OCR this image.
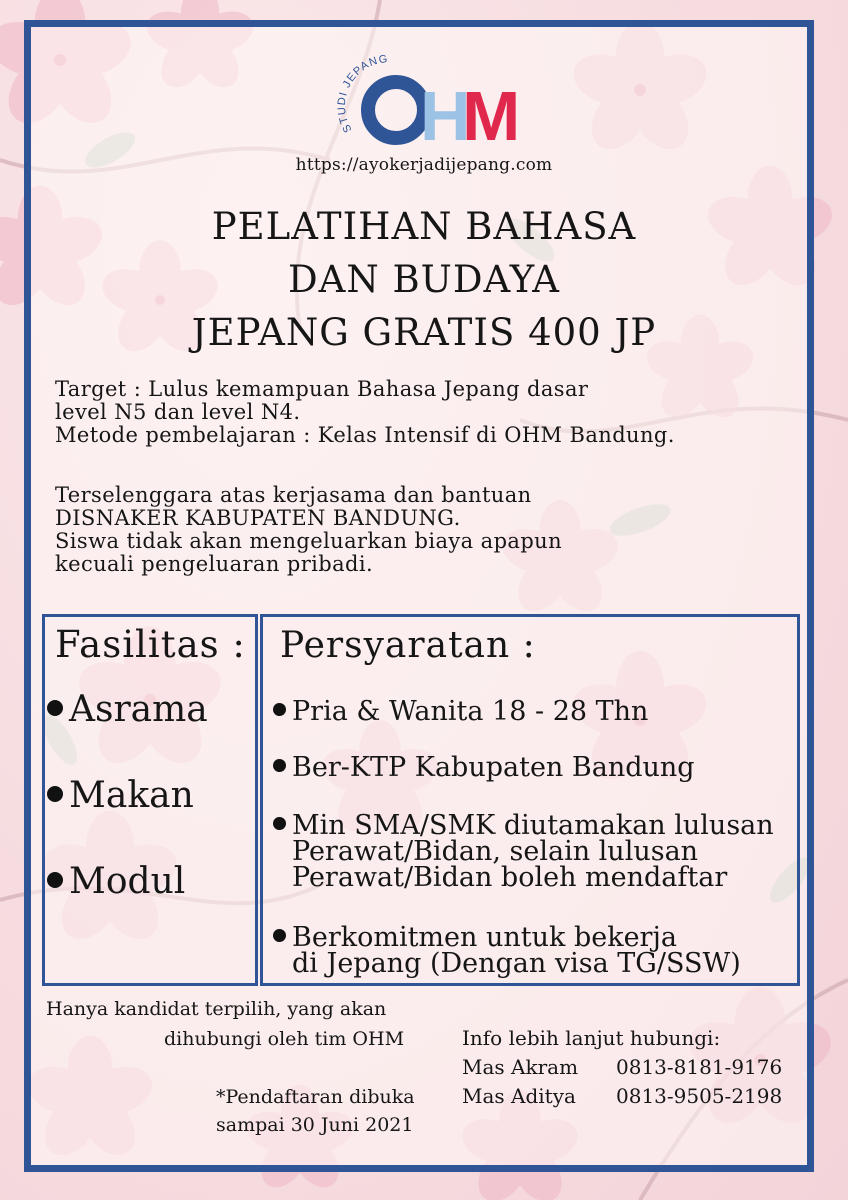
STUDI JEPANG
H
M
https://ayokerjadijepang.com
PELATIHAN BAHASA
DAN BUDAYA
JEPANG GRATIS 400 JP
Target : Lulus kemampuan Bahasa Jepang dasar
level N5 dan level N4.
Metode pembelajaran : Kelas Intensif di OHM Bandung.
Terselenggara atas kerjasama dan bantuan
DISNAKER KABUPATEN BANDUNG.
Siswa tidak akan mengeluarkan biaya apapun
kecuali pengeluaran pribadi.
Fasilitas :
Asrama
Makan
Modul
Persyaratan :
Pria & Wanita 18 - 28 Thn
Ber-KTP Kabupaten Bandung
Min SMA/SMK diutamakan lulusan
Perawat/Bidan, selain lulusan
Perawat/Bidan boleh mendaftar
Berkomitmen untuk bekerja
di Jepang (Dengan visa TG/SSW)
Hanya kandidat terpilih, yang akan
dihubungi oleh tim OHM
*Pendaftaran dibuka
sampai 30 Juni 2021
Info lebih lanjut hubungi:
Mas Akram 0813-8181-9176
Mas Aditya 0813-9505-2198
